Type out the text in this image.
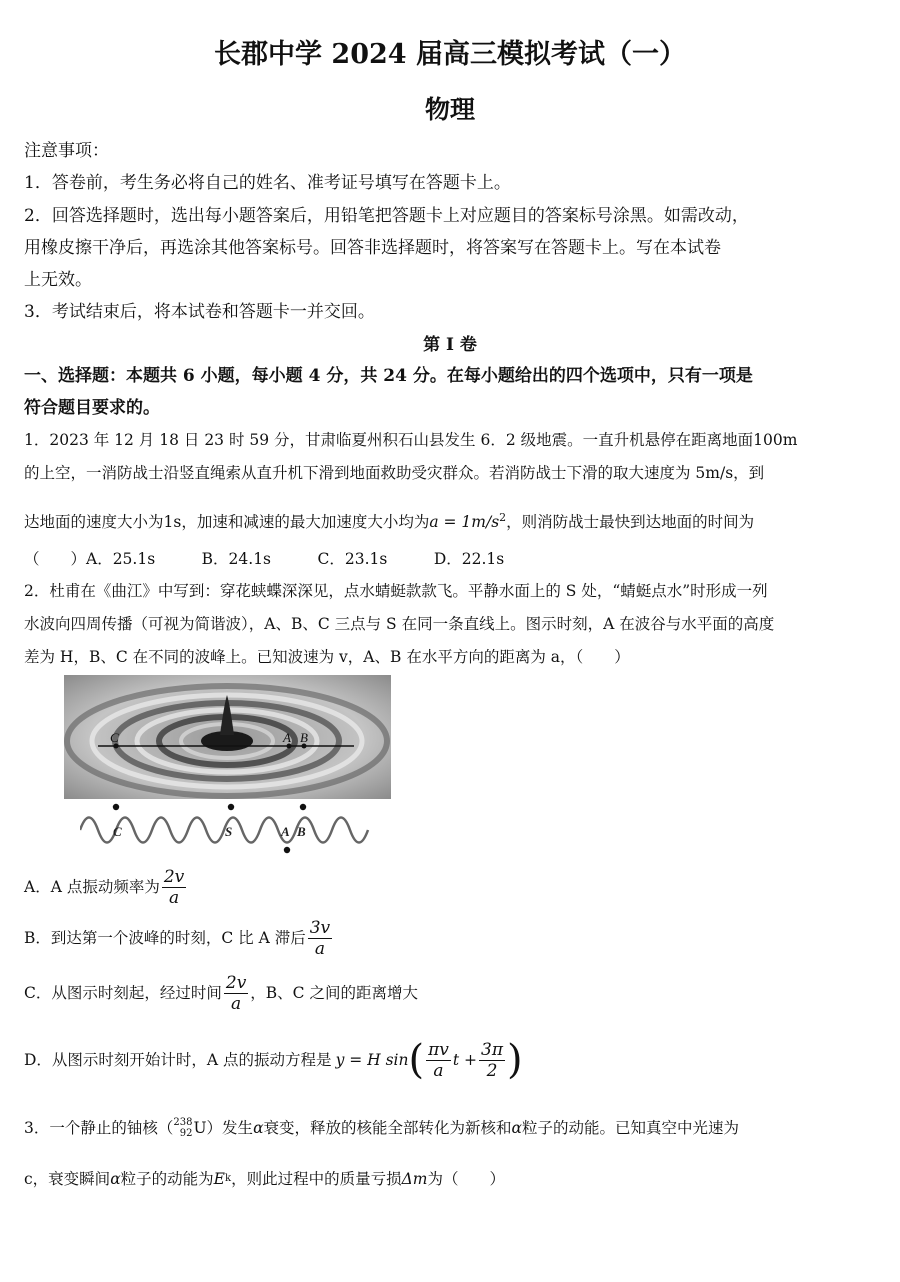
长郡中学 2024 届高三模拟考试（一）
物理
注意事项：
1．答卷前，考生务必将自己的姓名、准考证号填写在答题卡上。
2．回答选择题时，选出每小题答案后，用铅笔把答题卡上对应题目的答案标号涂黑。如需改动，
用橡皮擦干净后，再选涂其他答案标号。回答非选择题时，将答案写在答题卡上。写在本试卷
上无效。
3．考试结束后，将本试卷和答题卡一并交回。
第 I 卷
一、选择题：本题共 6 小题，每小题 4 分，共 24 分。在每小题给出的四个选项中，只有一项是
符合题目要求的。
1．2023 年 12 月 18 日 23 时 59 分，甘肃临夏州积石山县发生 6．2 级地震。一直升机悬停在距离地面100m
的上空，一消防战士沿竖直绳索从直升机下滑到地面救助受灾群众。若消防战士下滑的取大速度为 5m/s，到
达地面的速度大小为1s，加速和减速的最大加速度大小均为$a = 1m/s^2$，则消防战士最快到达地面的时间为
（　　）A．25.1s　　　B．24.1s　　　C．23.1s　　　D．22.1s
2．杜甫在《曲江》中写到：穿花蛱蝶深深见，点水蜻蜓款款飞。平静水面上的 S 处，“蜻蜓点水”时形成一列
水波向四周传播（可视为简谐波），A、B、C 三点与 S 在同一条直线上。图示时刻，A 在波谷与水平面的高度
差为 H，B、C 在不同的波峰上。已知波速为 v，A、B 在水平方向的距离为 a，（　　）
C	A B
C	S	A B
A．A 点振动频率为 $\frac{2v}{a}$
B．到达第一个波峰的时刻，C 比 A 滞后 $\frac{3v}{a}$
C．从图示时刻起，经过时间 $\frac{2v}{a}$ ，B、C 之间的距离增大
D．从图示时刻开始计时，A 点的振动方程是 y = H sin ( $\frac{\pi v}{a}$ $t + \frac{3\pi}{2}$ )
3．一个静止的铀核（ 238
92 U ）发生 α 衰变，释放的核能全部转化为新核和 α 粒子的动能。已知真空中光速为
c，衰变瞬间 α 粒子的动能为 E k ，则此过程中的质量亏损 Δm 为（　　）
